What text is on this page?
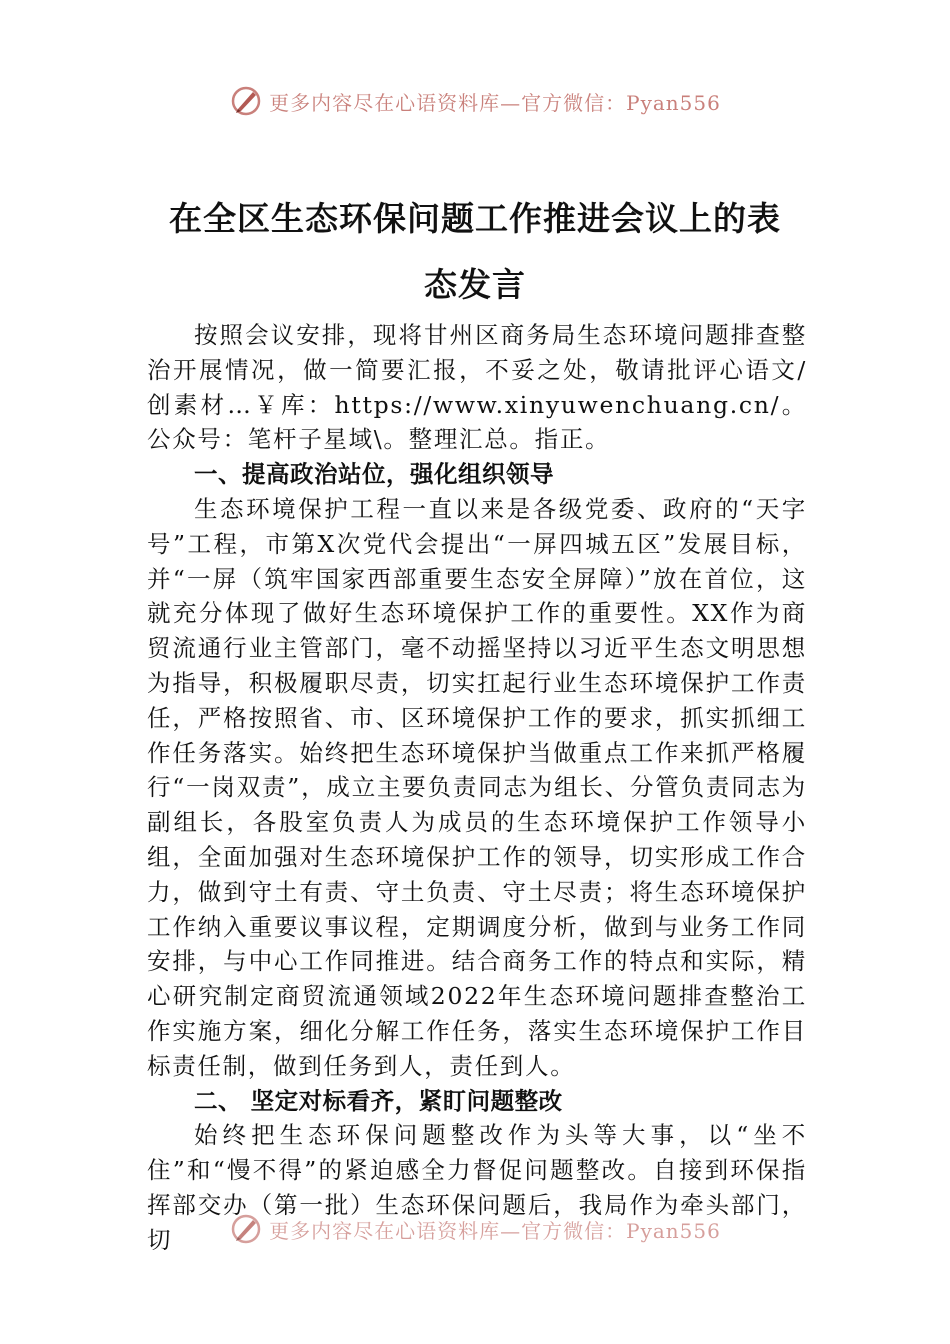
更多内容尽在心语资料库—官方微信：Pyan556
在全区生态环保问题工作推进会议上的表
态发言

按照会议安排，现将甘州区商务局生态环境问题排查整治开展情况，做一简要汇报，不妥之处，敬请批评心语文/创素材…￥库：https://www.xinyuwenchuang.cn/。公众号：笔杆子星域\。整理汇总。指正。

一、提高政治站位，强化组织领导

生态环境保护工程一直以来是各级党委、政府的“天字号”工程，市第X次党代会提出“一屏四城五区”发展目标，并“一屏（筑牢国家西部重要生态安全屏障）”放在首位，这就充分体现了做好生态环境保护工作的重要性。XX作为商贸流通行业主管部门，毫不动摇坚持以习近平生态文明思想为指导，积极履职尽责，切实扛起行业生态环境保护工作责任，严格按照省、市、区环境保护工作的要求，抓实抓细工作任务落实。始终把生态环境保护当做重点工作来抓严格履行“一岗双责”，成立主要负责同志为组长、分管负责同志为副组长，各股室负责人为成员的生态环境保护工作领导小组，全面加强对生态环境保护工作的领导，切实形成工作合力，做到守土有责、守土负责、守土尽责；将生态环境保护工作纳入重要议事议程，定期调度分析，做到与业务工作同安排，与中心工作同推进。结合商务工作的特点和实际，精心研究制定商贸流通领域2022年生态环境问题排查整治工作实施方案，细化分解工作任务，落实生态环境保护工作目标责任制，做到任务到人，责任到人。

二、 坚定对标看齐，紧盯问题整改

始终把生态环保问题整改作为头等大事，以“坐不住”和“慢不得”的紧迫感全力督促问题整改。自接到环保指挥部交办（第一批）生态环保问题后，我局作为牵头部门，切	更多内容尽在心语资料库—官方微信：Pyan556
